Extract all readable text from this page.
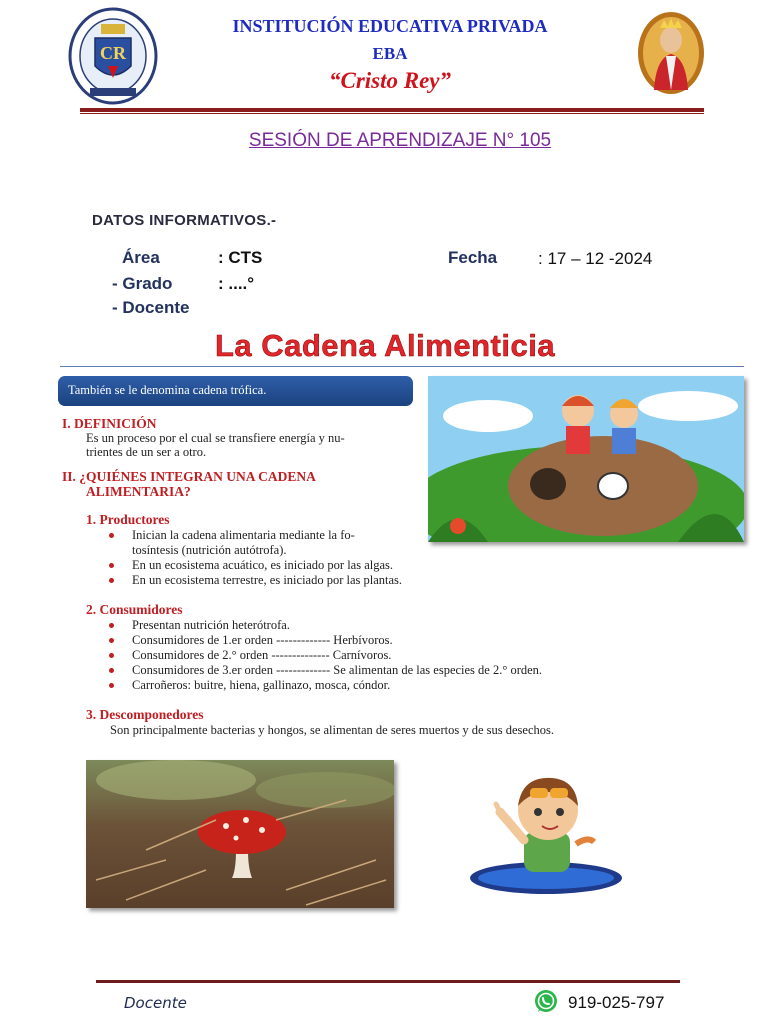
CR
INSTITUCIÓN EDUCATIVA PRIVADA
EBA
“Cristo Rey”
SESIÓN DE APRENDIZAJE N° 105
DATOS INFORMATIVOS.-
Área	: CTS	Fecha : 17 – 12 -2024
- Grado	: ....°
- Docente
La Cadena Alimenticia
También se le denomina cadena trófica.
I. DEFINICIÓN
Es un proceso por el cual se transfiere energía y nu-
trientes de un ser a otro.
II. ¿QUIÉNES INTEGRAN UNA CADENA
ALIMENTARIA?
1. Productores
Inician la cadena alimentaria mediante la fo-
tosíntesis (nutrición autótrofa).
En un ecosistema acuático, es iniciado por las algas.
En un ecosistema terrestre, es iniciado por las plantas.
2. Consumidores
Presentan nutrición heterótrofa.
Consumidores de 1.er orden ------------- Herbívoros.
Consumidores de 2.° orden -------------- Carnívoros.
Consumidores de 3.er orden ------------- Se alimentan de las especies de 2.° orden.
Carroñeros: buitre, hiena, gallinazo, mosca, cóndor.
3. Descomponedores
Son principalmente bacterias y hongos, se alimentan de seres muertos y de sus desechos.
Docente	919-025-797
